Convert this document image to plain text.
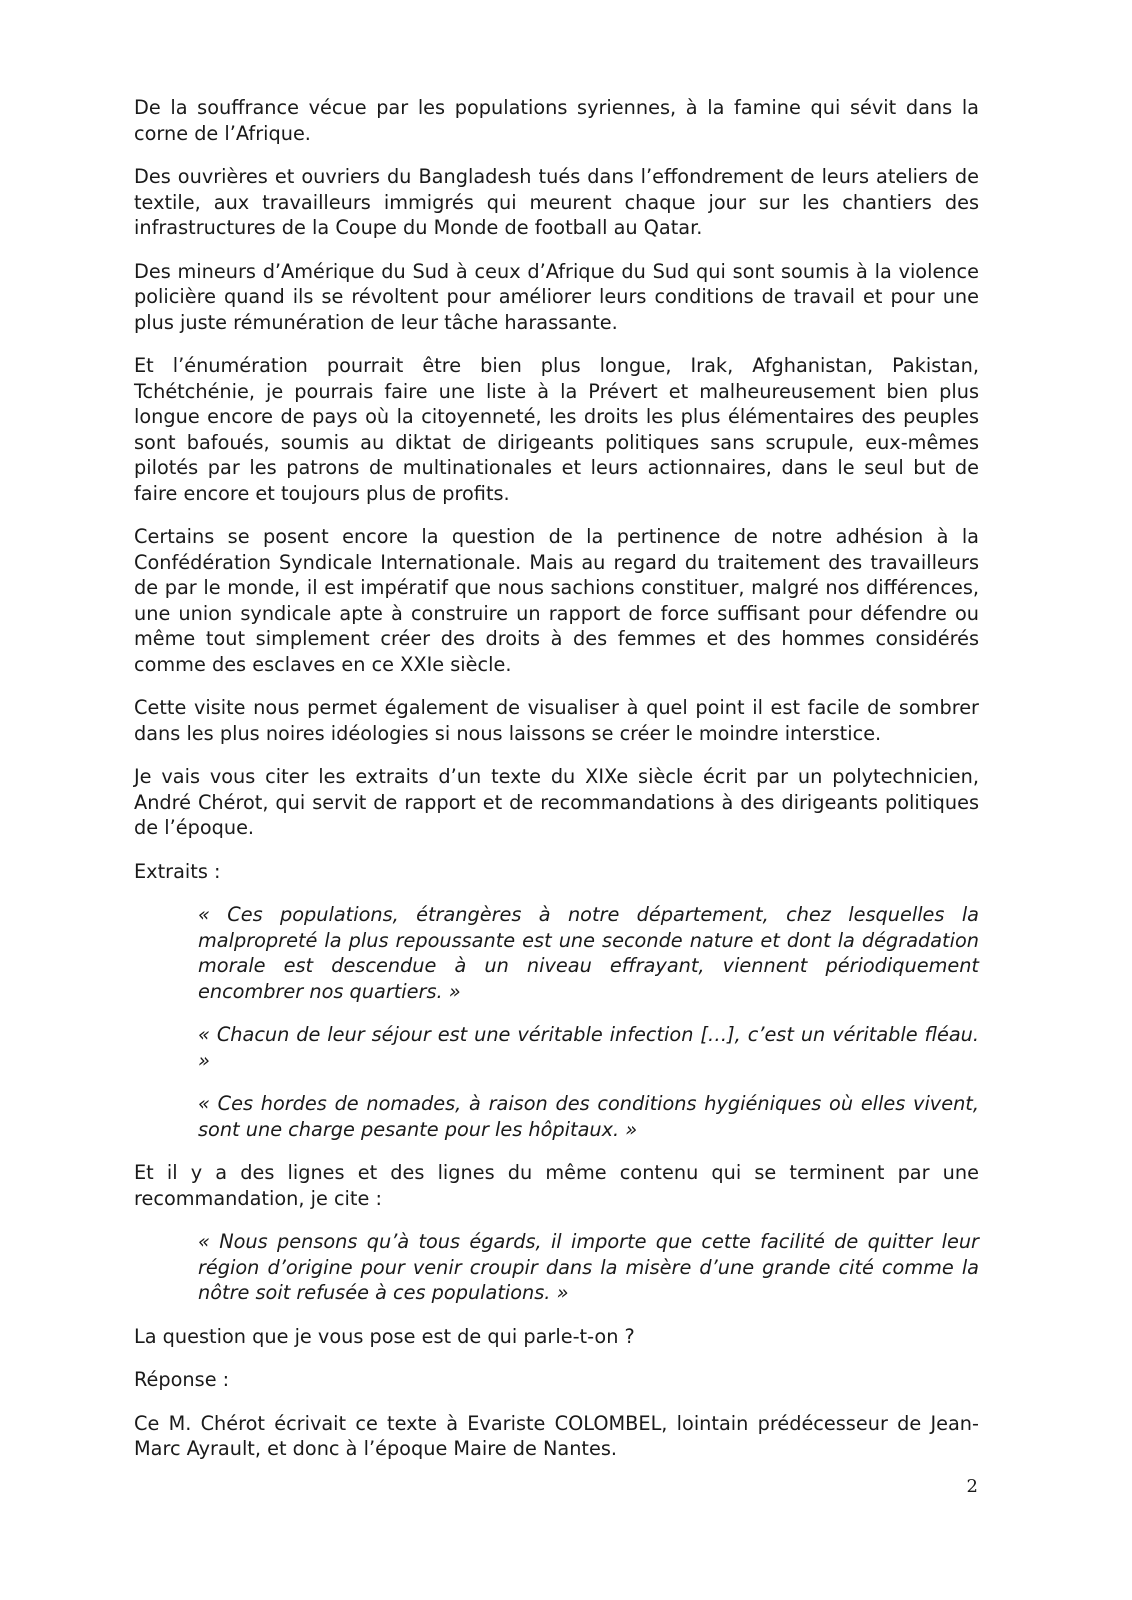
De la souffrance vécue par les populations syriennes, à la famine qui sévit dans la corne de l’Afrique.

Des ouvrières et ouvriers du Bangladesh tués dans l’effondrement de leurs ateliers de textile, aux travailleurs immigrés qui meurent chaque jour sur les chantiers des infrastructures de la Coupe du Monde de football au Qatar.

Des mineurs d’Amérique du Sud à ceux d’Afrique du Sud qui sont soumis à la violence policière quand ils se révoltent pour améliorer leurs conditions de travail et pour une plus juste rémunération de leur tâche harassante.

Et l’énumération pourrait être bien plus longue, Irak, Afghanistan, Pakistan, Tchétchénie, je pourrais faire une liste à la Prévert et malheureusement bien plus longue encore de pays où la citoyenneté, les droits les plus élémentaires des peuples sont bafoués, soumis au diktat de dirigeants politiques sans scrupule, eux-mêmes pilotés par les patrons de multinationales et leurs actionnaires, dans le seul but de faire encore et toujours plus de profits.

Certains se posent encore la question de la pertinence de notre adhésion à la Confédération Syndicale Internationale. Mais au regard du traitement des travailleurs de par le monde, il est impératif que nous sachions constituer, malgré nos différences, une union syndicale apte à construire un rapport de force suffisant pour défendre ou même tout simplement créer des droits à des femmes et des hommes considérés comme des esclaves en ce XXIe siècle.

Cette visite nous permet également de visualiser à quel point il est facile de sombrer dans les plus noires idéologies si nous laissons se créer le moindre interstice.

Je vais vous citer les extraits d’un texte du XIXe siècle écrit par un polytechnicien, André Chérot, qui servit de rapport et de recommandations à des dirigeants politiques de l’époque.

Extraits :

« Ces populations, étrangères à notre département, chez lesquelles la malpropreté la plus repoussante est une seconde nature et dont la dégradation morale est descendue à un niveau effrayant, viennent périodiquement encombrer nos quartiers. »

« Chacun de leur séjour est une véritable infection […], c’est un véritable fléau. »

« Ces hordes de nomades, à raison des conditions hygiéniques où elles vivent, sont une charge pesante pour les hôpitaux. »

Et il y a des lignes et des lignes du même contenu qui se terminent par une recommandation, je cite :

« Nous pensons qu’à tous égards, il importe que cette facilité de quitter leur région d’origine pour venir croupir dans la misère d’une grande cité comme la nôtre soit refusée à ces populations. »

La question que je vous pose est de qui parle-t-on ?

Réponse :

Ce M. Chérot écrivait ce texte à Evariste COLOMBEL, lointain prédécesseur de Jean-Marc Ayrault, et donc à l’époque Maire de Nantes.

2
